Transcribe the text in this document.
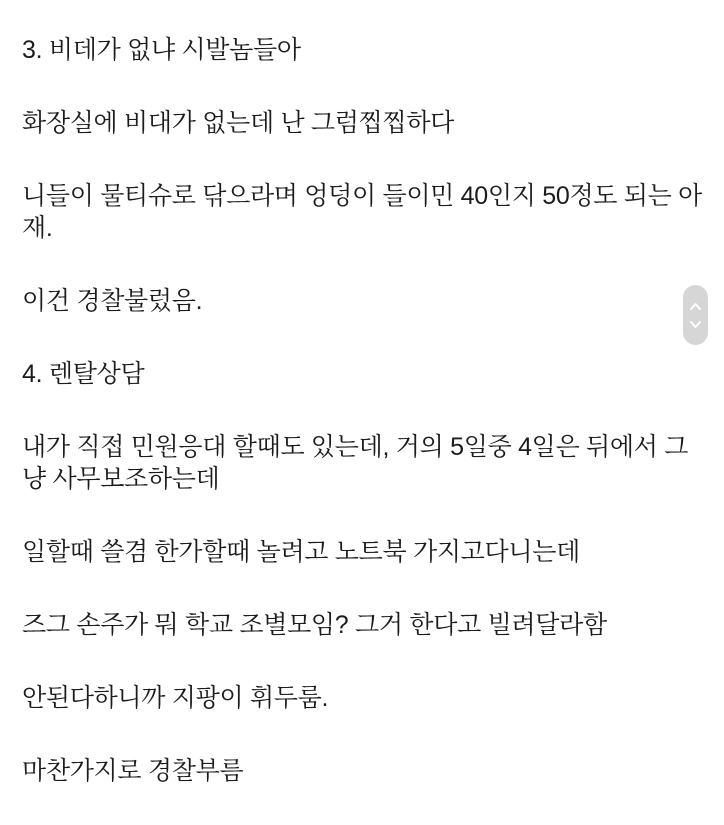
3. 비데가 없냐 시발놈들아

화장실에 비대가 없는데 난 그럼찝찝하다

니들이 물티슈로 닦으라며 엉덩이 들이민 40인지 50정도 되는 아재.

이건 경찰불렀음.

4. 렌탈상담

내가 직접 민원응대 할때도 있는데, 거의 5일중 4일은 뒤에서 그냥 사무보조하는데

일할때 쓸겸 한가할때 놀려고 노트북 가지고다니는데

즈그 손주가 뭐 학교 조별모임? 그거 한다고 빌려달라함

안된다하니까 지팡이 휘두룸.

마찬가지로 경찰부름
